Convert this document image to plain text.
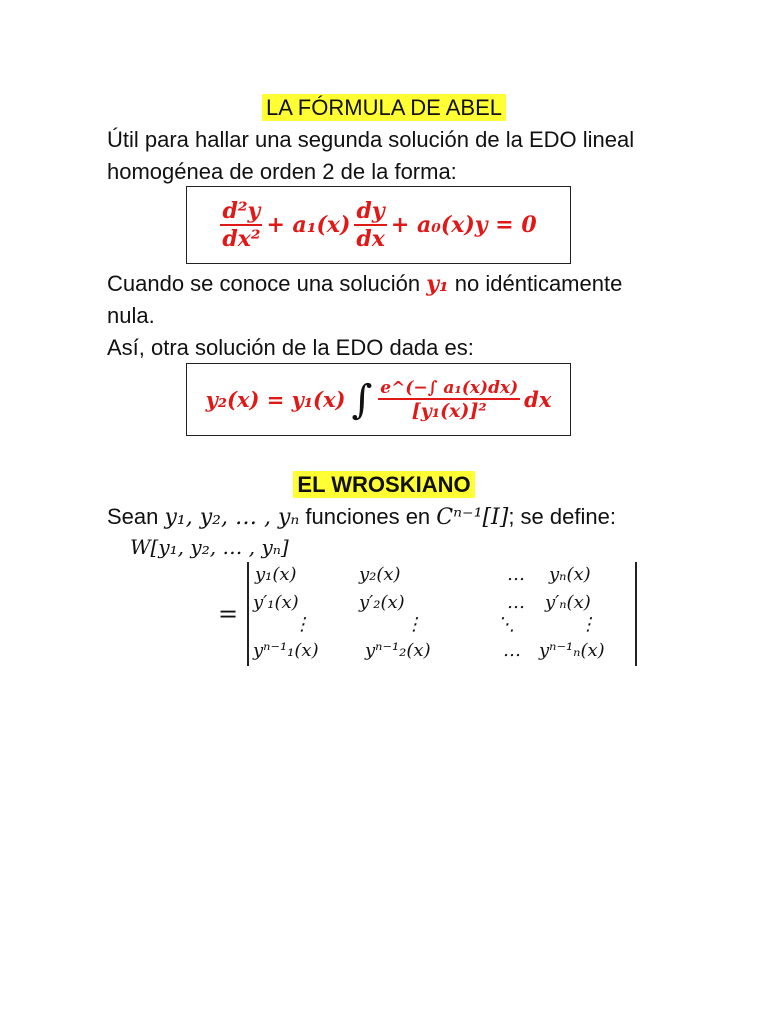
LA FÓRMULA DE ABEL
Útil para hallar una segunda solución de la EDO lineal
homogénea de orden 2 de la forma:
$\frac{\text{d²y}}{\text{dx²}} + a_1(x) \frac{dy}{dx} + a_0(x)y = 0$
Cuando se conoce una solución y₁ no idénticamente
nula.
Así, otra solución de la EDO dada es:
y₂(x) = y₁(x) ∫ $\frac{\text{e\textasciicircum{}(−∫ a₁(x)dx)}}{\text{[y₁(x)]²}}$ dx
EL WROSKIANO
Sean y₁, y₂, … , yₙ funciones en Cⁿ⁻¹[I]; se define:
W[y₁, y₂, … , yₙ]
=
y₁(x)	y₂(x)	… yₙ(x)
y′₁(x)	y′₂(x)	… y′ₙ(x)
⋮	⋮	⋱	⋮
yⁿ⁻¹₁(x)	yⁿ⁻¹₂(x)	… yⁿ⁻¹ₙ(x)
